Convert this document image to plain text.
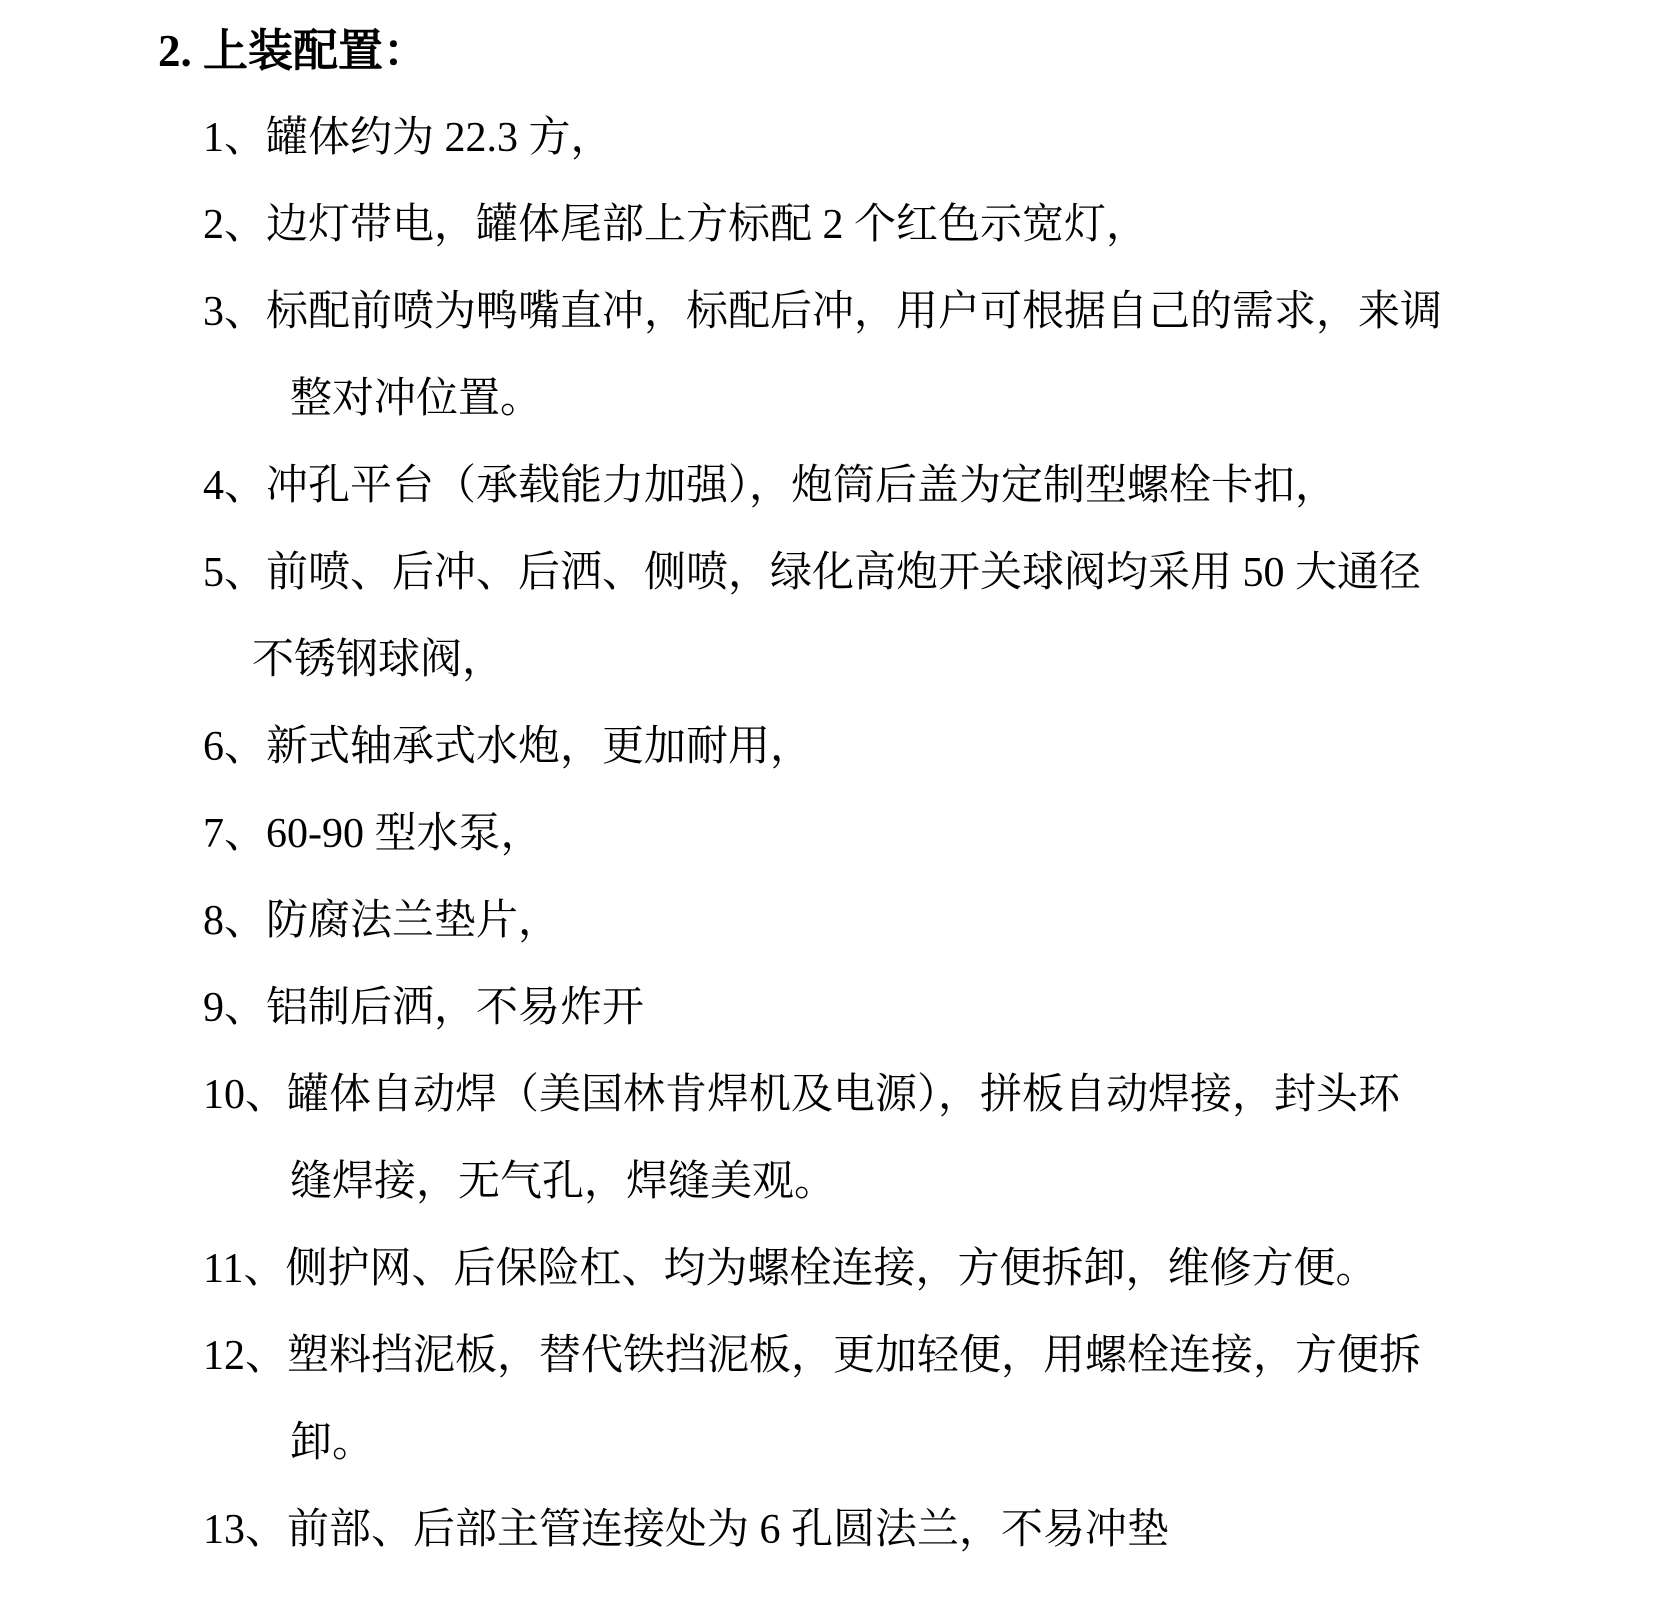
2. 上装配置：
1、罐体约为 22.3 方，
2、边灯带电，罐体尾部上方标配 2 个红色示宽灯，
3、标配前喷为鸭嘴直冲，标配后冲，用户可根据自己的需求，来调
整对冲位置。
4、冲孔平台（承载能力加强），炮筒后盖为定制型螺栓卡扣，
5、前喷、后冲、后洒、侧喷，绿化高炮开关球阀均采用 50 大通径
不锈钢球阀，
6、新式轴承式水炮，更加耐用，
7、60-90 型水泵，
8、防腐法兰垫片，
9、铝制后洒，不易炸开
10、罐体自动焊（美国林肯焊机及电源），拼板自动焊接，封头环
缝焊接，无气孔，焊缝美观。
11、侧护网、后保险杠、均为螺栓连接，方便拆卸，维修方便。
12、塑料挡泥板，替代铁挡泥板，更加轻便，用螺栓连接，方便拆
卸。
13、前部、后部主管连接处为 6 孔圆法兰，不易冲垫
